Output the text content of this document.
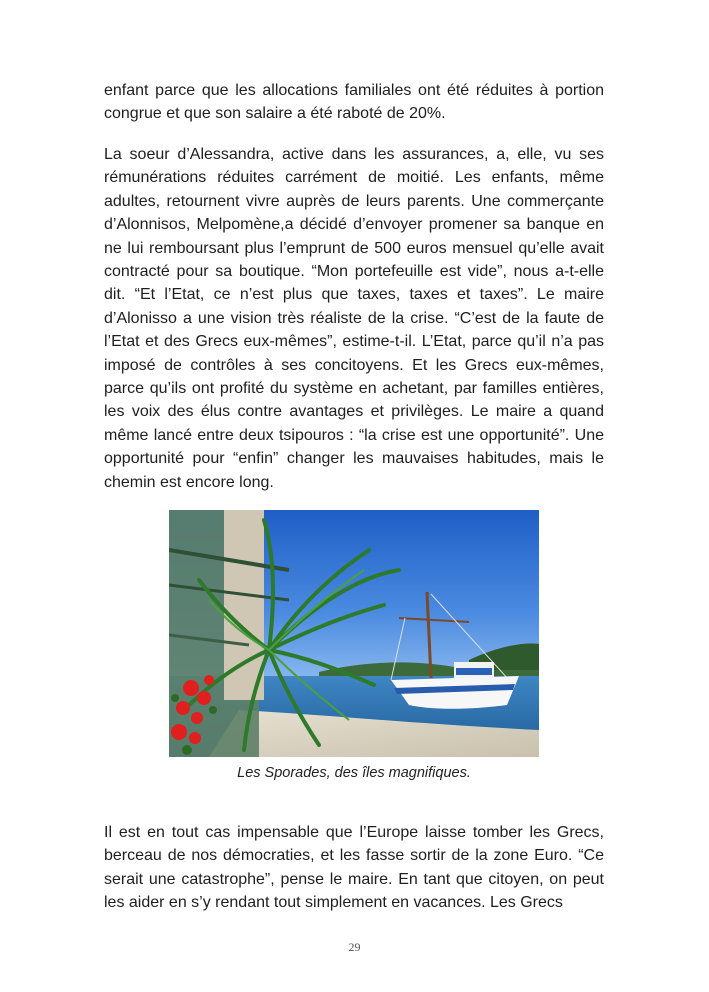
enfant parce que les allocations familiales ont été réduites à portion congrue et que son salaire a été raboté de 20%.

La soeur d’Alessandra, active dans les assurances, a, elle, vu ses rémunérations réduites carrément de moitié. Les enfants, même adultes, retournent vivre auprès de leurs parents. Une commerçante d’Alonnisos, Melpomène,a décidé d’envoyer promener sa banque en ne lui remboursant plus l’emprunt de 500 euros mensuel qu’elle avait contracté pour sa boutique. “Mon portefeuille est vide”, nous a-t-elle dit. “Et l’Etat, ce n’est plus que taxes, taxes et taxes”. Le maire d’Alonisso a une vision très réaliste de la crise. “C’est de la faute de l’Etat et des Grecs eux-mêmes”, estime-t-il. L’Etat, parce qu’il n’a pas imposé de contrôles à ses concitoyens. Et les Grecs eux-mêmes, parce qu’ils ont profité du système en achetant, par familles entières, les voix des élus contre avantages et privilèges. Le maire a quand même lancé entre deux tsipouros : “la crise est une opportunité”. Une opportunité pour “enfin” changer les mauvaises habitudes, mais le chemin est encore long.

Les Sporades, des îles magnifiques.

Il est en tout cas impensable que l’Europe laisse tomber les Grecs, berceau de nos démocraties, et les fasse sortir de la zone Euro. “Ce serait une catastrophe”, pense le maire. En tant que citoyen, on peut les aider en s’y rendant tout simplement en vacances. Les Grecs

29
